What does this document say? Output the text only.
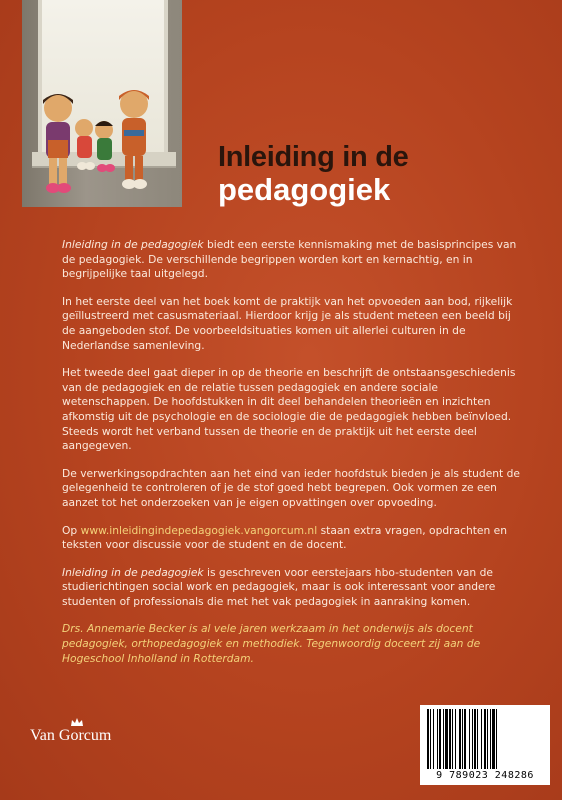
Inleiding in de
pedagogiek

Inleiding in de pedagogiek biedt een eerste kennismaking met de basisprincipes van de pedagogiek. De verschillende begrippen worden kort en kernachtig, en in begrijpelijke taal uitgelegd.

In het eerste deel van het boek komt de praktijk van het opvoeden aan bod, rijkelijk geïllustreerd met casusmateriaal. Hierdoor krijg je als student meteen een beeld bij de aangeboden stof. De voorbeeldsituaties komen uit allerlei culturen in de Nederlandse samenleving.

Het tweede deel gaat dieper in op de theorie en beschrijft de ontstaansgeschiedenis van de pedagogiek en de relatie tussen pedagogiek en andere sociale wetenschappen. De hoofdstukken in dit deel behandelen theorieën en inzichten afkomstig uit de psychologie en de sociologie die de pedagogiek hebben beïnvloed. Steeds wordt het verband tussen de theorie en de praktijk uit het eerste deel aangegeven.

De verwerkingsopdrachten aan het eind van ieder hoofdstuk bieden je als student de gelegenheid te controleren of je de stof goed hebt begrepen. Ook vormen ze een aanzet tot het onderzoeken van je eigen opvattingen over opvoeding.

Op www.inleidingindepedagogiek.vangorcum.nl staan extra vragen, opdrachten en teksten voor discussie voor de student en de docent.

Inleiding in de pedagogiek is geschreven voor eerstejaars hbo-studenten van de studierichtingen social work en pedagogiek, maar is ook interessant voor andere studenten of professionals die met het vak pedagogiek in aanraking komen.

Drs. Annemarie Becker is al vele jaren werkzaam in het onderwijs als docent pedagogiek, orthopedagogiek en methodiek. Tegenwoordig doceert zij aan de Hogeschool Inholland in Rotterdam.

Van Gorcum
9 789023 248286
